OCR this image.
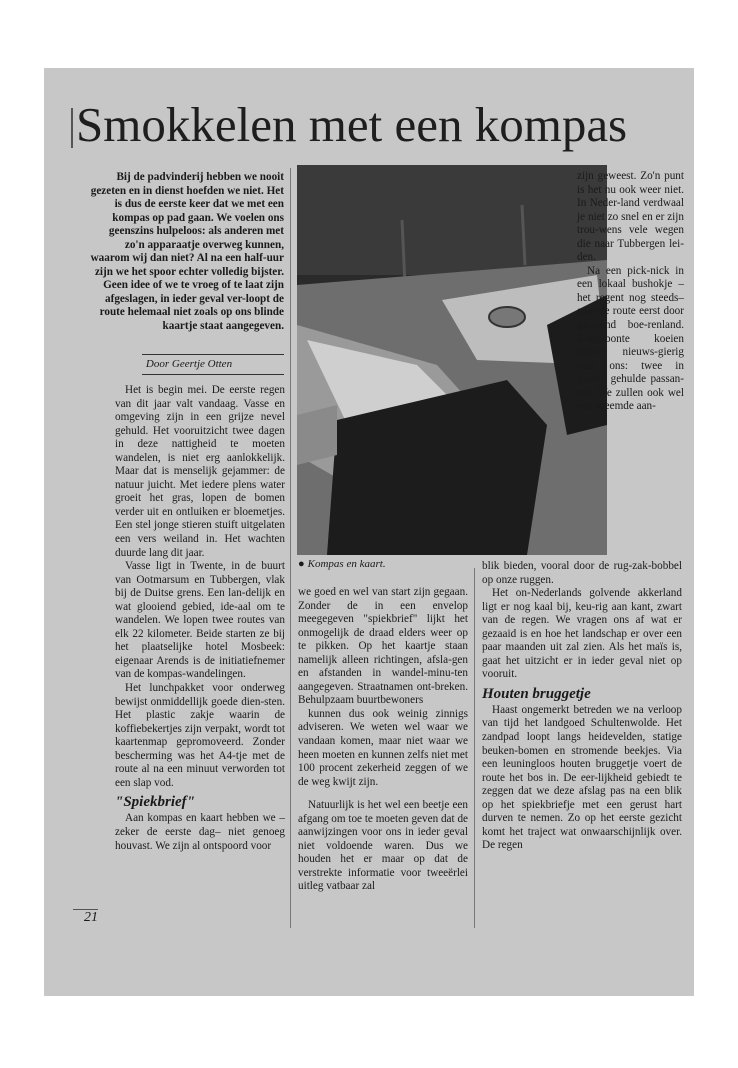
Smokkelen met een kompas
Bij de padvinderij hebben we nooit gezeten en in dienst hoefden we niet. Het is dus de eerste keer dat we met een kompas op pad gaan. We voelen ons geenszins hulpeloos: als anderen met zo'n apparaatje overweg kunnen, waarom wij dan niet? Al na een half-uur zijn we het spoor echter volledig bijster. Geen idee of we te vroeg of te laat zijn afgeslagen, in ieder geval ver-loopt de route helemaal niet zoals op ons blinde kaartje staat aangegeven.
Door Geertje Otten

Het is begin mei. De eerste regen van dit jaar valt vandaag. Vasse en omgeving zijn in een grijze nevel gehuld. Het vooruitzicht twee dagen in deze nattigheid te moeten wandelen, is niet erg aanlokkelijk. Maar dat is menselijk gejammer: de natuur juicht. Met iedere plens water groeit het gras, lopen de bomen verder uit en ontluiken er bloemetjes. Een stel jonge stieren stuift uitgelaten een vers weiland in. Het wachten duurde lang dit jaar.

Vasse ligt in Twente, in de buurt van Ootmarsum en Tubbergen, vlak bij de Duitse grens. Een lan-delijk en wat glooiend gebied, ide-aal om te wandelen. We lopen twee routes van elk 22 kilometer. Beide starten ze bij het plaatselijke hotel Mosbeek: eigenaar Arends is de initiatiefnemer van de kompas-wandelingen.

Het lunchpakket voor onderweg bewijst onmiddellijk goede dien-sten. Het plastic zakje waarin de koffiebekertjes zijn verpakt, wordt tot kaartenmap gepromoveerd. Zonder bescherming was het A4-tje met de route al na een minuut verworden tot een slap vod.

"Spiekbrief"

Aan kompas en kaart hebben we –zeker de eerste dag– niet genoeg houvast. We zijn al ontspoord voor

● Kompas en kaart.

zijn geweest. Zo'n punt is het nu ook weer niet. In Neder-land verdwaal je niet zo snel en er zijn trou-wens vele wegen die naar Tubbergen lei-den.

Na een pick-nick in een lokaal bushokje –het regent nog steeds– gaat de route eerst door glooiend boe-renland. Rood-bonte koeien kijken nieuws-gierig naar ons: twee in plastic gehulde passan-ten. We zullen ook wel een vreemde aan-

we goed en wel van start zijn gegaan. Zonder de in een envelop meegegeven "spiekbrief" lijkt het onmogelijk de draad elders weer op te pikken. Op het kaartje staan namelijk alleen richtingen, afsla-gen en afstanden in wandel-minu-ten aangegeven. Straatnamen ont-breken. Behulpzaam buurtbewoners

kunnen dus ook weinig zinnigs adviseren. We weten wel waar we vandaan komen, maar niet waar we heen moeten en kunnen zelfs niet met 100 procent zekerheid zeggen of we de weg kwijt zijn.

Natuurlijk is het wel een beetje een afgang om toe te moeten geven dat de aanwijzingen voor ons in ieder geval niet voldoende waren. Dus we houden het er maar op dat de verstrekte informatie voor tweeërlei uitleg vatbaar zal

blik bieden, vooral door de rug-zak-bobbel op onze ruggen.

Het on-Nederlands golvende akkerland ligt er nog kaal bij, keu-rig aan kant, zwart van de regen. We vragen ons af wat er gezaaid is en hoe het landschap er over een paar maanden uit zal zien. Als het maïs is, gaat het uitzicht er in ieder geval niet op vooruit.

Houten bruggetje

Haast ongemerkt betreden we na verloop van tijd het landgoed Schultenwolde. Het zandpad loopt langs heidevelden, statige beuken-bomen en stromende beekjes. Via een leuningloos houten bruggetje voert de route het bos in. De eer-lijkheid gebiedt te zeggen dat we deze afslag pas na een blik op het spiekbriefje met een gerust hart durven te nemen. Zo op het eerste gezicht komt het traject wat onwaarschijnlijk over. De regen

21
